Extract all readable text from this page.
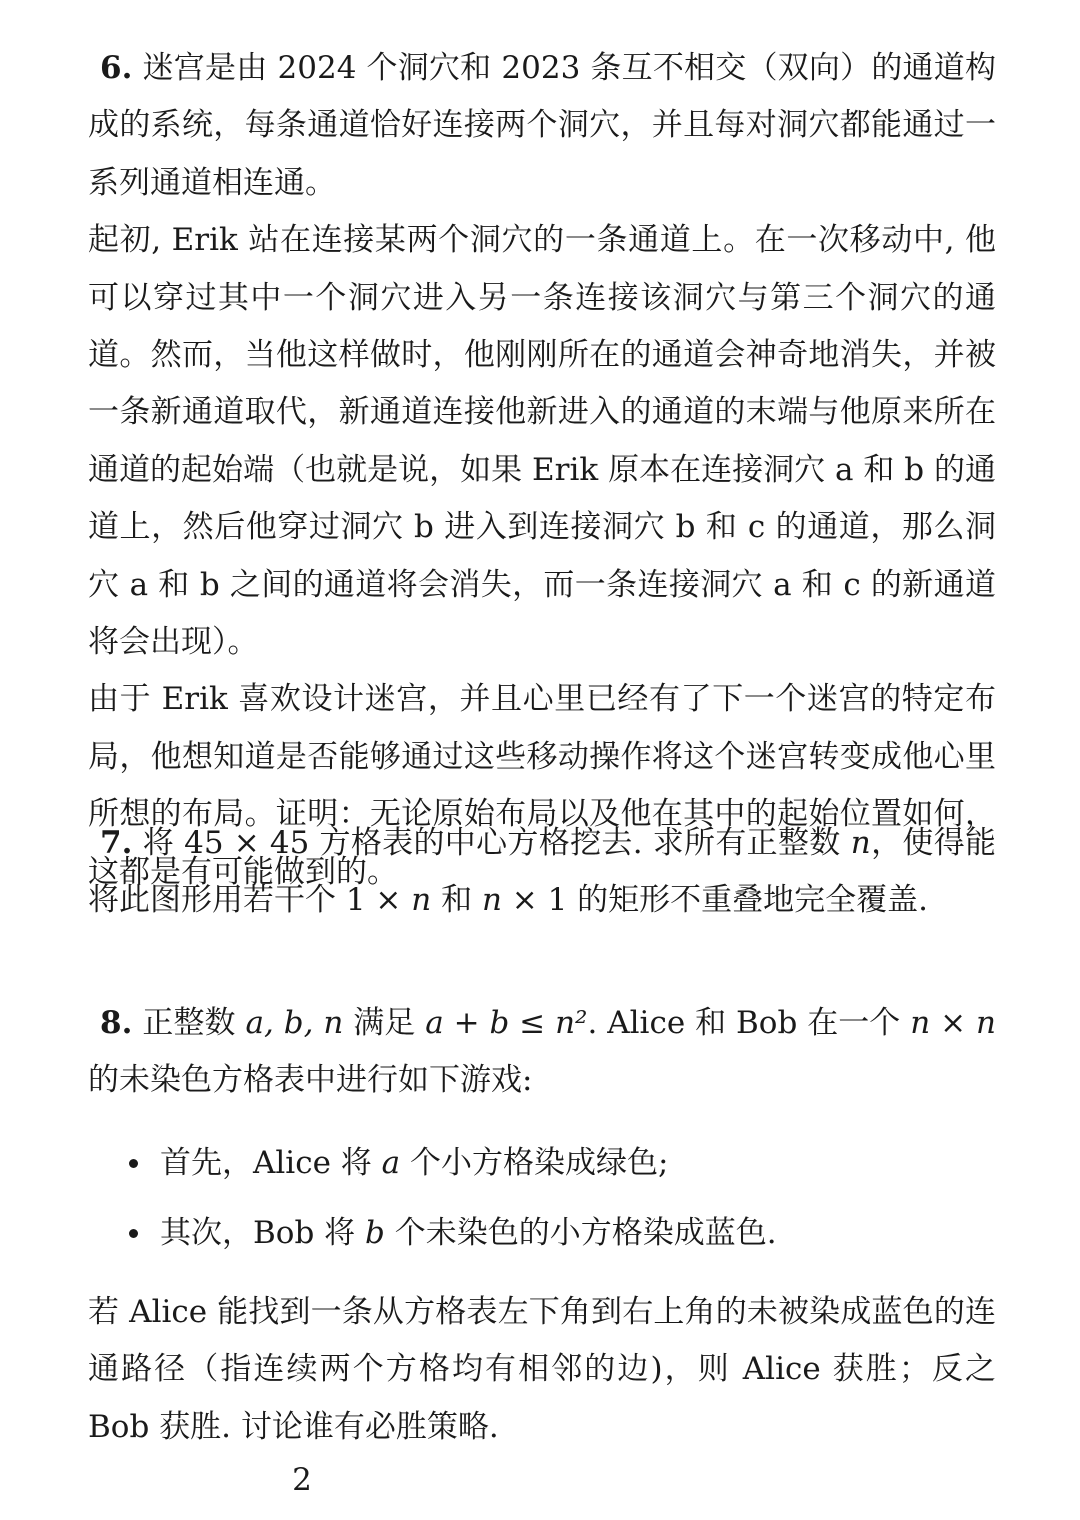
6. 迷宫是由 2024 个洞穴和 2023 条互不相交（双向）的通道构成的系统，每条通道恰好连接两个洞穴，并且每对洞穴都能通过一系列通道相连通。

起初, Erik 站在连接某两个洞穴的一条通道上。在一次移动中, 他可以穿过其中一个洞穴进入另一条连接该洞穴与第三个洞穴的通道。然而，当他这样做时，他刚刚所在的通道会神奇地消失，并被一条新通道取代，新通道连接他新进入的通道的末端与他原来所在通道的起始端（也就是说，如果 Erik 原本在连接洞穴 a 和 b 的通道上，然后他穿过洞穴 b 进入到连接洞穴 b 和 c 的通道，那么洞穴 a 和 b 之间的通道将会消失，而一条连接洞穴 a 和 c 的新通道将会出现）。

由于 Erik 喜欢设计迷宫，并且心里已经有了下一个迷宫的特定布局，他想知道是否能够通过这些移动操作将这个迷宫转变成他心里所想的布局。证明：无论原始布局以及他在其中的起始位置如何，这都是有可能做到的。

7. 将 45 × 45 方格表的中心方格挖去. 求所有正整数 n，使得能将此图形用若干个 1 × n 和 n × 1 的矩形不重叠地完全覆盖.

8. 正整数 a, b, n 满足 a + b ≤ n². Alice 和 Bob 在一个 n × n 的未染色方格表中进行如下游戏:

首先，Alice 将 a 个小方格染成绿色;
其次，Bob 将 b 个未染色的小方格染成蓝色.

若 Alice 能找到一条从方格表左下角到右上角的未被染成蓝色的连通路径（指连续两个方格均有相邻的边)，则 Alice 获胜；反之 Bob 获胜. 讨论谁有必胜策略.

2
